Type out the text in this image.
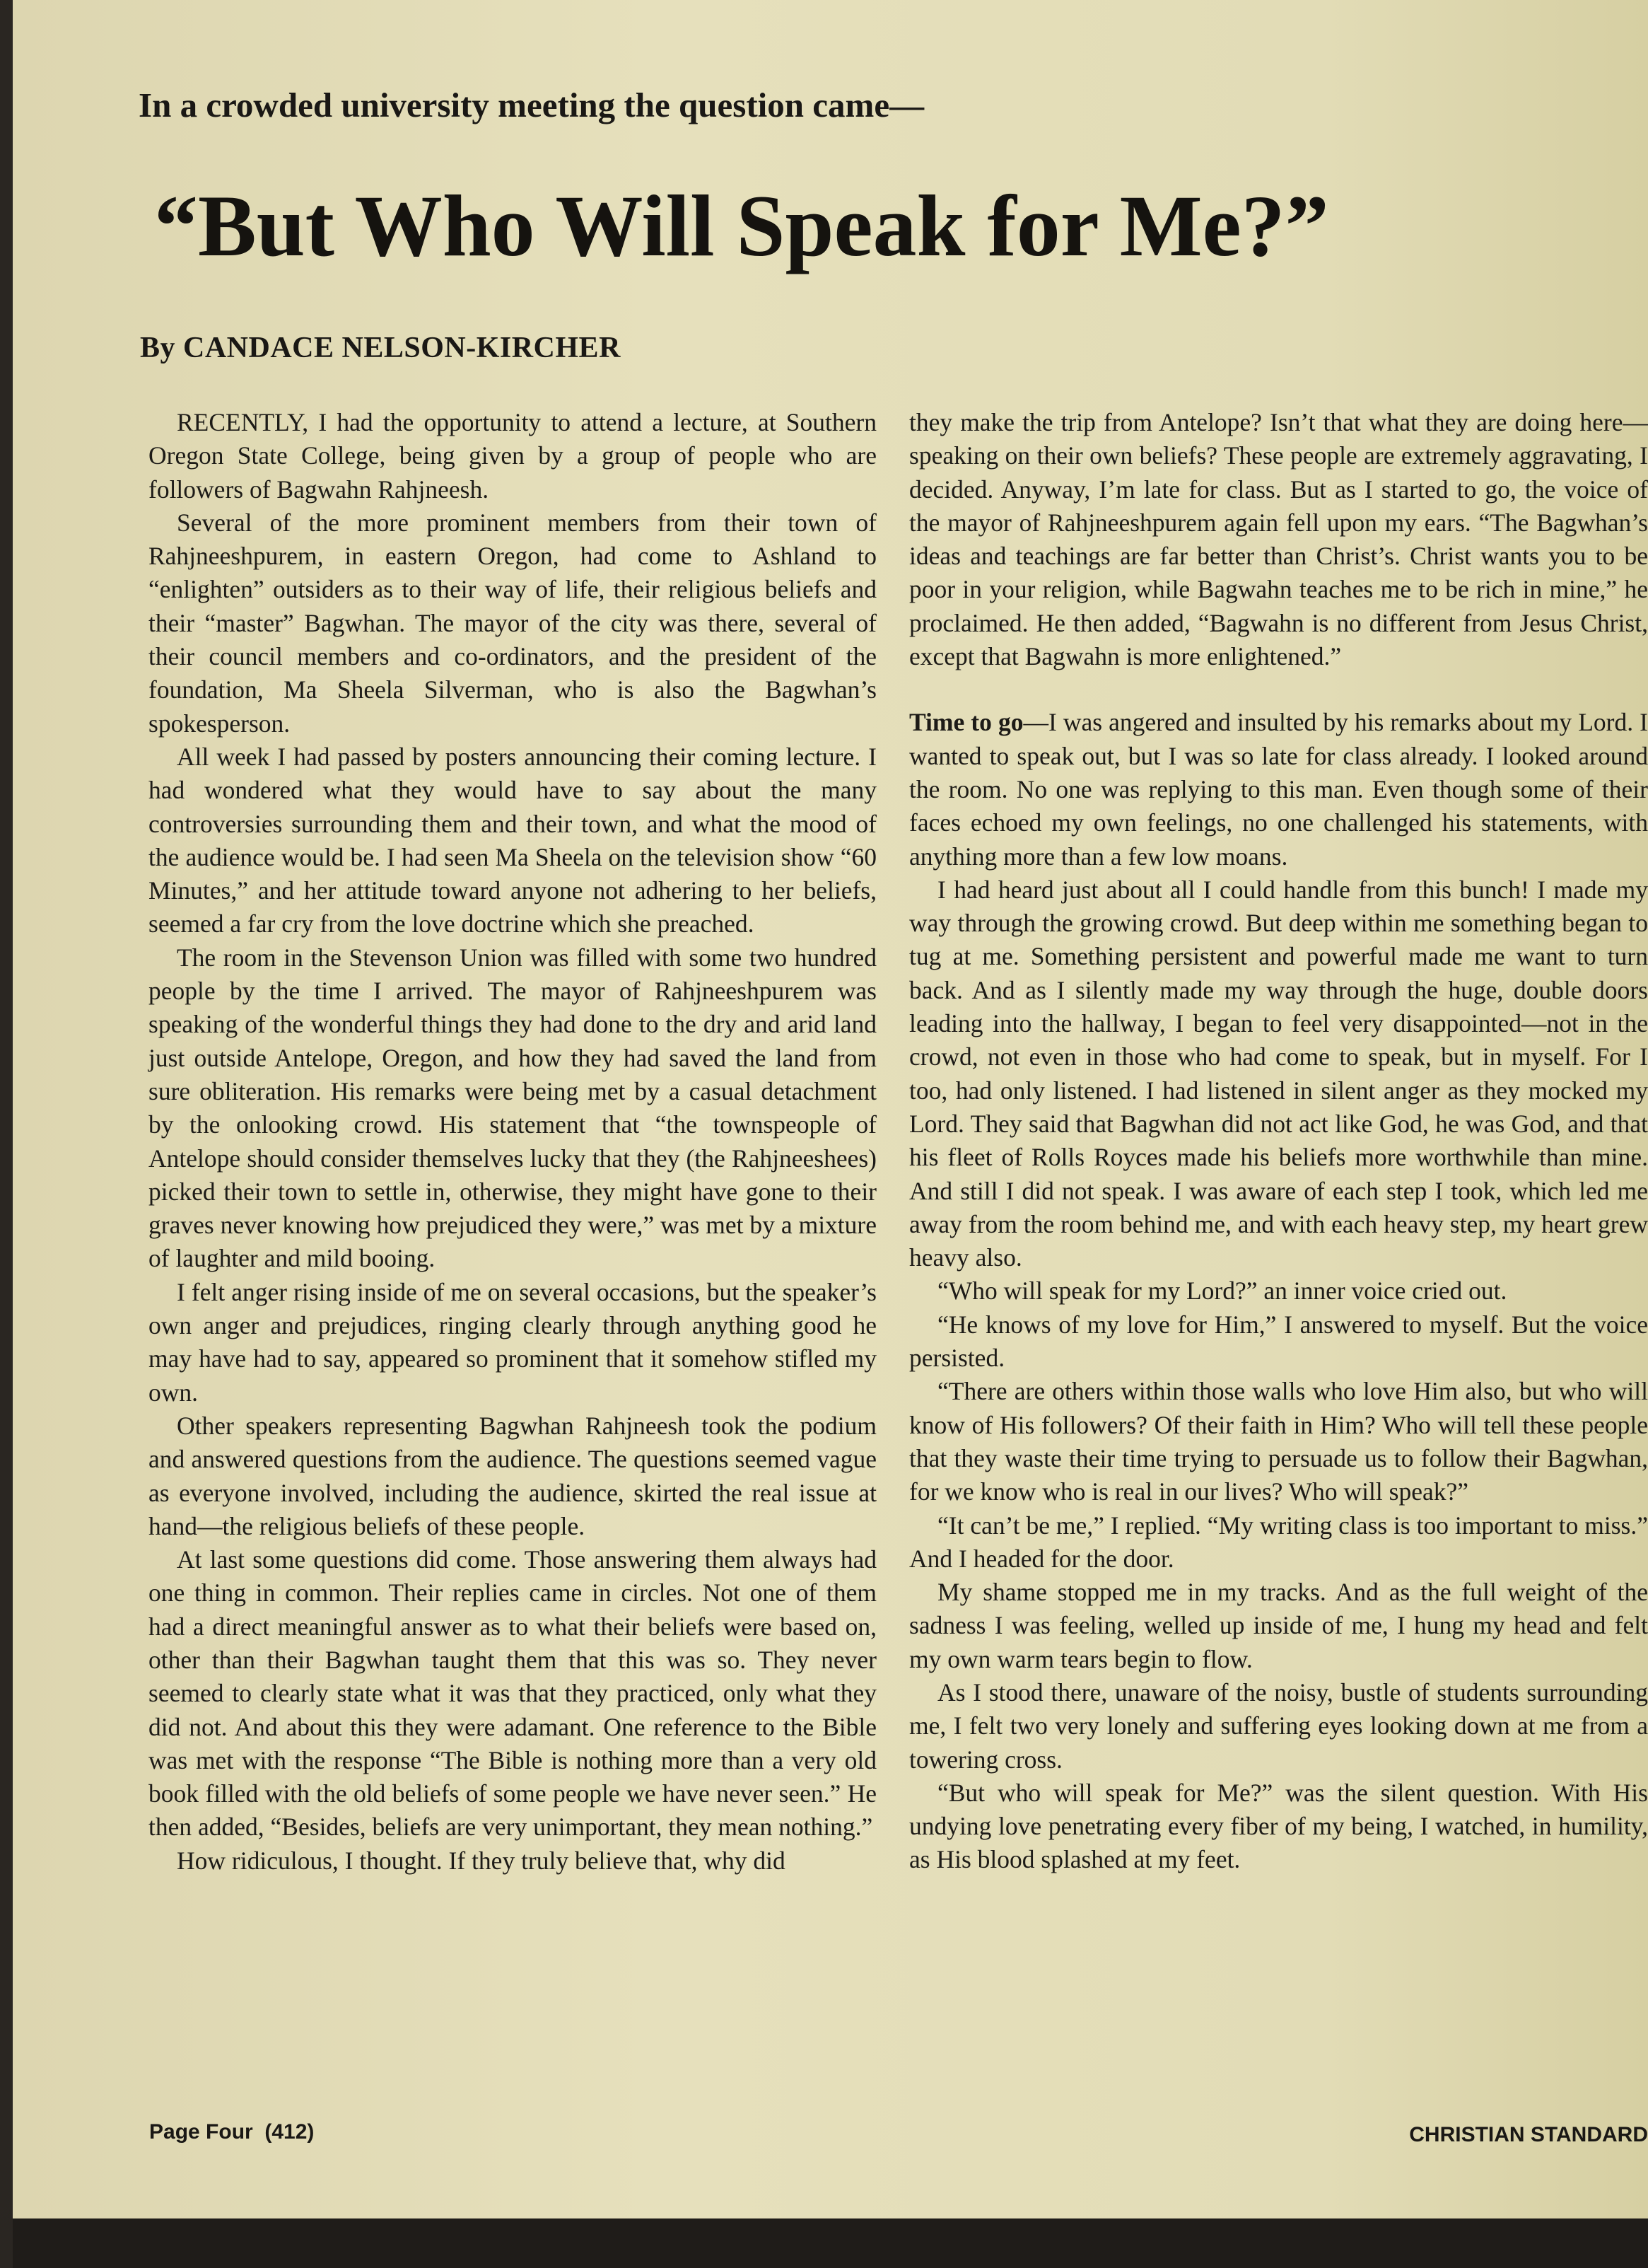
In a crowded university meeting the question came—
“But Who Will Speak for Me?”
By CANDACE NELSON-KIRCHER

RECENTLY, I had the opportunity to attend a lecture, at Southern Oregon State College, being given by a group of people who are followers of Bagwahn Rahjneesh.

Several of the more prominent members from their town of Rahjneeshpurem, in eastern Oregon, had come to Ashland to “enlighten” outsiders as to their way of life, their religious beliefs and their “master” Bagwhan. The mayor of the city was there, several of their council members and co-ordinators, and the president of the foundation, Ma Sheela Silverman, who is also the Bagwhan’s spokesperson.

All week I had passed by posters announcing their coming lecture. I had wondered what they would have to say about the many controversies surrounding them and their town, and what the mood of the audience would be. I had seen Ma Sheela on the television show “60 Minutes,” and her attitude toward anyone not adhering to her beliefs, seemed a far cry from the love doctrine which she preached.

The room in the Stevenson Union was filled with some two hundred people by the time I arrived. The mayor of Rahjneeshpurem was speaking of the wonderful things they had done to the dry and arid land just outside Antelope, Oregon, and how they had saved the land from sure obliteration. His remarks were being met by a casual detachment by the onlooking crowd. His statement that “the townspeople of Antelope should consider themselves lucky that they (the Rahjneeshees) picked their town to settle in, otherwise, they might have gone to their graves never knowing how prejudiced they were,” was met by a mixture of laughter and mild booing.

I felt anger rising inside of me on several occasions, but the speaker’s own anger and prejudices, ringing clearly through anything good he may have had to say, appeared so prominent that it somehow stifled my own.

Other speakers representing Bagwhan Rahjneesh took the podium and answered questions from the audience. The questions seemed vague as everyone involved, including the audience, skirted the real issue at hand—the religious beliefs of these people.

At last some questions did come. Those answering them always had one thing in common. Their replies came in circles. Not one of them had a direct meaningful answer as to what their beliefs were based on, other than their Bagwhan taught them that this was so. They never seemed to clearly state what it was that they practiced, only what they did not. And about this they were adamant. One reference to the Bible was met with the response “The Bible is nothing more than a very old book filled with the old beliefs of some people we have never seen.” He then added, “Besides, beliefs are very unimportant, they mean nothing.”

How ridiculous, I thought. If they truly believe that, why did

they make the trip from Antelope? Isn’t that what they are doing here—speaking on their own beliefs? These people are extremely aggravating, I decided. Anyway, I’m late for class. But as I started to go, the voice of the mayor of Rahjneeshpurem again fell upon my ears. “The Bagwhan’s ideas and teachings are far better than Christ’s. Christ wants you to be poor in your religion, while Bagwahn teaches me to be rich in mine,” he proclaimed. He then added, “Bagwahn is no different from Jesus Christ, except that Bagwahn is more enlightened.”

Time to go—I was angered and insulted by his remarks about my Lord. I wanted to speak out, but I was so late for class already. I looked around the room. No one was replying to this man. Even though some of their faces echoed my own feelings, no one challenged his statements, with anything more than a few low moans.

I had heard just about all I could handle from this bunch! I made my way through the growing crowd. But deep within me something began to tug at me. Something persistent and powerful made me want to turn back. And as I silently made my way through the huge, double doors leading into the hallway, I began to feel very disappointed—not in the crowd, not even in those who had come to speak, but in myself. For I too, had only listened. I had listened in silent anger as they mocked my Lord. They said that Bagwhan did not act like God, he was God, and that his fleet of Rolls Royces made his beliefs more worthwhile than mine. And still I did not speak. I was aware of each step I took, which led me away from the room behind me, and with each heavy step, my heart grew heavy also.

“Who will speak for my Lord?” an inner voice cried out.

“He knows of my love for Him,” I answered to myself. But the voice persisted.

“There are others within those walls who love Him also, but who will know of His followers? Of their faith in Him? Who will tell these people that they waste their time trying to persuade us to follow their Bagwhan, for we know who is real in our lives? Who will speak?”

“It can’t be me,” I replied. “My writing class is too important to miss.” And I headed for the door.

My shame stopped me in my tracks. And as the full weight of the sadness I was feeling, welled up inside of me, I hung my head and felt my own warm tears begin to flow.

As I stood there, unaware of the noisy, bustle of students surrounding me, I felt two very lonely and suffering eyes looking down at me from a towering cross.

“But who will speak for Me?” was the silent question. With His undying love penetrating every fiber of my being, I watched, in humility, as His blood splashed at my feet.

Page Four (412)	CHRISTIAN STANDARD
